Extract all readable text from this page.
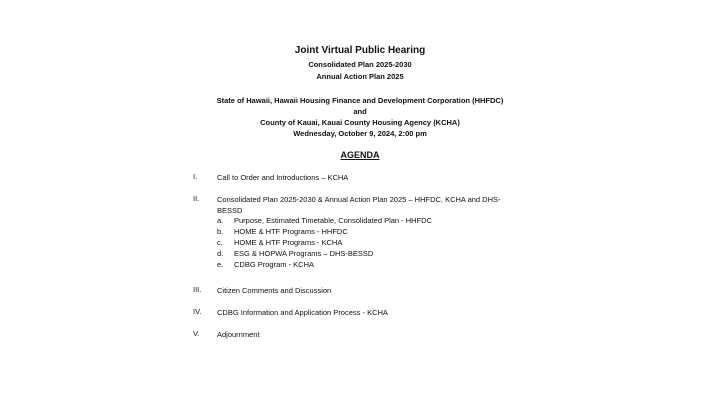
Joint Virtual Public Hearing
Consolidated Plan 2025-2030
Annual Action Plan 2025
State of Hawaii, Hawaii Housing Finance and Development Corporation (HHFDC)
and
County of Kauai, Kauai County Housing Agency (KCHA)
Wednesday, October 9, 2024, 2:00 pm
AGENDA
I.	Call to Order and Introductions – KCHA
II. Consolidated Plan 2025-2030 & Annual Action Plan 2025 – HHFDC, KCHA and DHS-BESSD
a. Purpose, Estimated Timetable, Consolidated Plan - HHFDC
b. HOME & HTF Programs - HHFDC
c. HOME & HTF Programs - KCHA
d. ESG & HOPWA Programs – DHS-BESSD
e. CDBG Program - KCHA
III. Citizen Comments and Discussion
IV. CDBG Information and Application Process - KCHA
V. Adjournment
